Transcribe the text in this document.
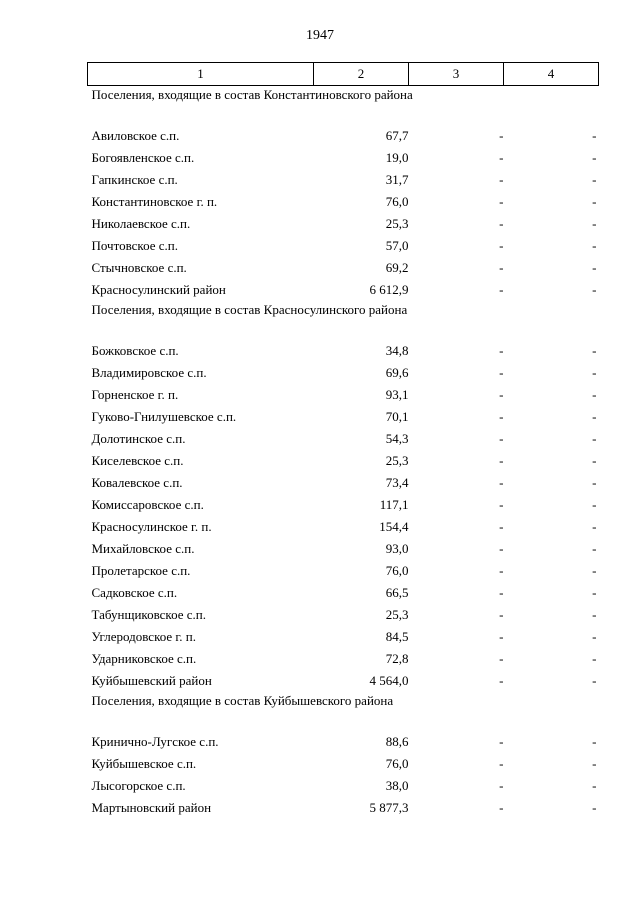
1947
1	2	3	4
Поселения, входящие в состав Константиновского района			
Авиловское с.п.	67,7	-	-
Богоявленское с.п.	19,0	-	-
Гапкинское с.п.	31,7	-	-
Константиновское г. п.	76,0	-	-
Николаевское с.п.	25,3	-	-
Почтовское с.п.	57,0	-	-
Стычновское с.п.	69,2	-	-
Красносулинский район	6 612,9	-	-
Поселения, входящие в состав Красносулинского района			
Божковское с.п.	34,8	-	-
Владимировское с.п.	69,6	-	-
Горненское г. п.	93,1	-	-
Гуково-Гнилушевское с.п.	70,1	-	-
Долотинское с.п.	54,3	-	-
Киселевское с.п.	25,3	-	-
Ковалевское с.п.	73,4	-	-
Комиссаровское с.п.	117,1	-	-
Красносулинское г. п.	154,4	-	-
Михайловское с.п.	93,0	-	-
Пролетарское с.п.	76,0	-	-
Садковское с.п.	66,5	-	-
Табунщиковское с.п.	25,3	-	-
Углеродовское г. п.	84,5	-	-
Ударниковское с.п.	72,8	-	-
Куйбышевский район	4 564,0	-	-
Поселения, входящие в состав Куйбышевского района			
Кринично-Лугское с.п.	88,6	-	-
Куйбышевское с.п.	76,0	-	-
Лысогорское с.п.	38,0	-	-
Мартыновский район	5 877,3	-	-
